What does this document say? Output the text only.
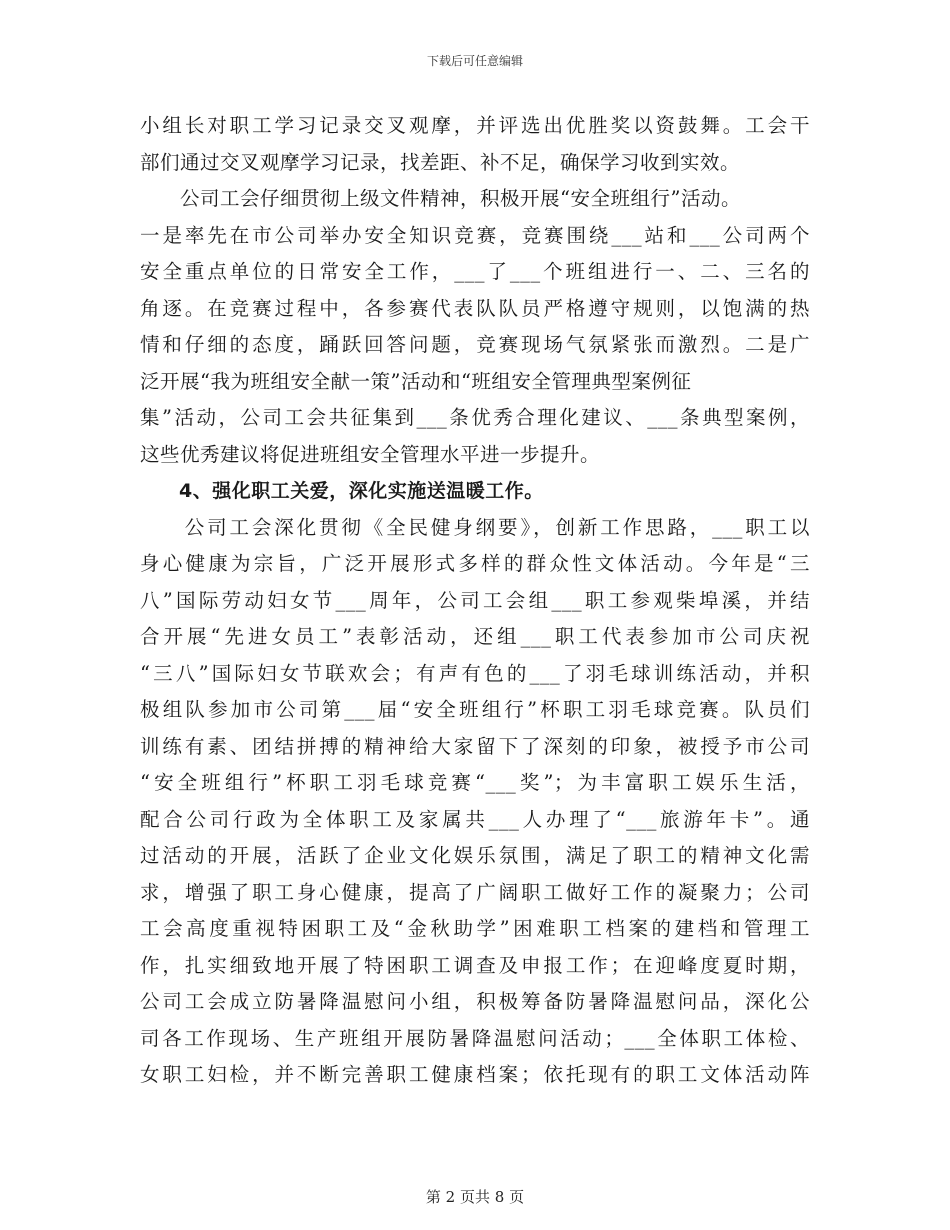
下载后可任意编辑
小组长对职工学习记录交叉观摩，并评选出优胜奖以资鼓舞。工会干
部们通过交叉观摩学习记录，找差距、补不足，确保学习收到实效。
　　公司工会仔细贯彻上级文件精神，积极开展“安全班组行”活动。
一是率先在市公司举办安全知识竞赛，竞赛围绕___站和___公司两个
安全重点单位的日常安全工作，___了___个班组进行一、二、三名的
角逐。在竞赛过程中，各参赛代表队队员严格遵守规则，以饱满的热
情和仔细的态度，踊跃回答问题，竞赛现场气氛紧张而激烈。二是广
泛开展“我为班组安全献一策”活动和“班组安全管理典型案例征
集”活动，公司工会共征集到___条优秀合理化建议、___条典型案例，
这些优秀建议将促进班组安全管理水平进一步提升。
　　4、强化职工关爱，深化实施送温暖工作。
　　公司工会深化贯彻《全民健身纲要》，创新工作思路，___职工以
身心健康为宗旨，广泛开展形式多样的群众性文体活动。今年是“三
八”国际劳动妇女节___周年，公司工会组___职工参观柴埠溪，并结
合开展“先进女员工”表彰活动，还组___职工代表参加市公司庆祝
“三八”国际妇女节联欢会；有声有色的___了羽毛球训练活动，并积
极组队参加市公司第___届“安全班组行”杯职工羽毛球竞赛。队员们
训练有素、团结拼搏的精神给大家留下了深刻的印象，被授予市公司
“安全班组行”杯职工羽毛球竞赛“___奖”；为丰富职工娱乐生活，
配合公司行政为全体职工及家属共___人办理了“___旅游年卡”。通
过活动的开展，活跃了企业文化娱乐氛围，满足了职工的精神文化需
求，增强了职工身心健康，提高了广阔职工做好工作的凝聚力；公司
工会高度重视特困职工及“金秋助学”困难职工档案的建档和管理工
作，扎实细致地开展了特困职工调查及申报工作；在迎峰度夏时期，
公司工会成立防暑降温慰问小组，积极筹备防暑降温慰问品，深化公
司各工作现场、生产班组开展防暑降温慰问活动；___全体职工体检、
女职工妇检，并不断完善职工健康档案；依托现有的职工文体活动阵
第 2 页共 8 页
